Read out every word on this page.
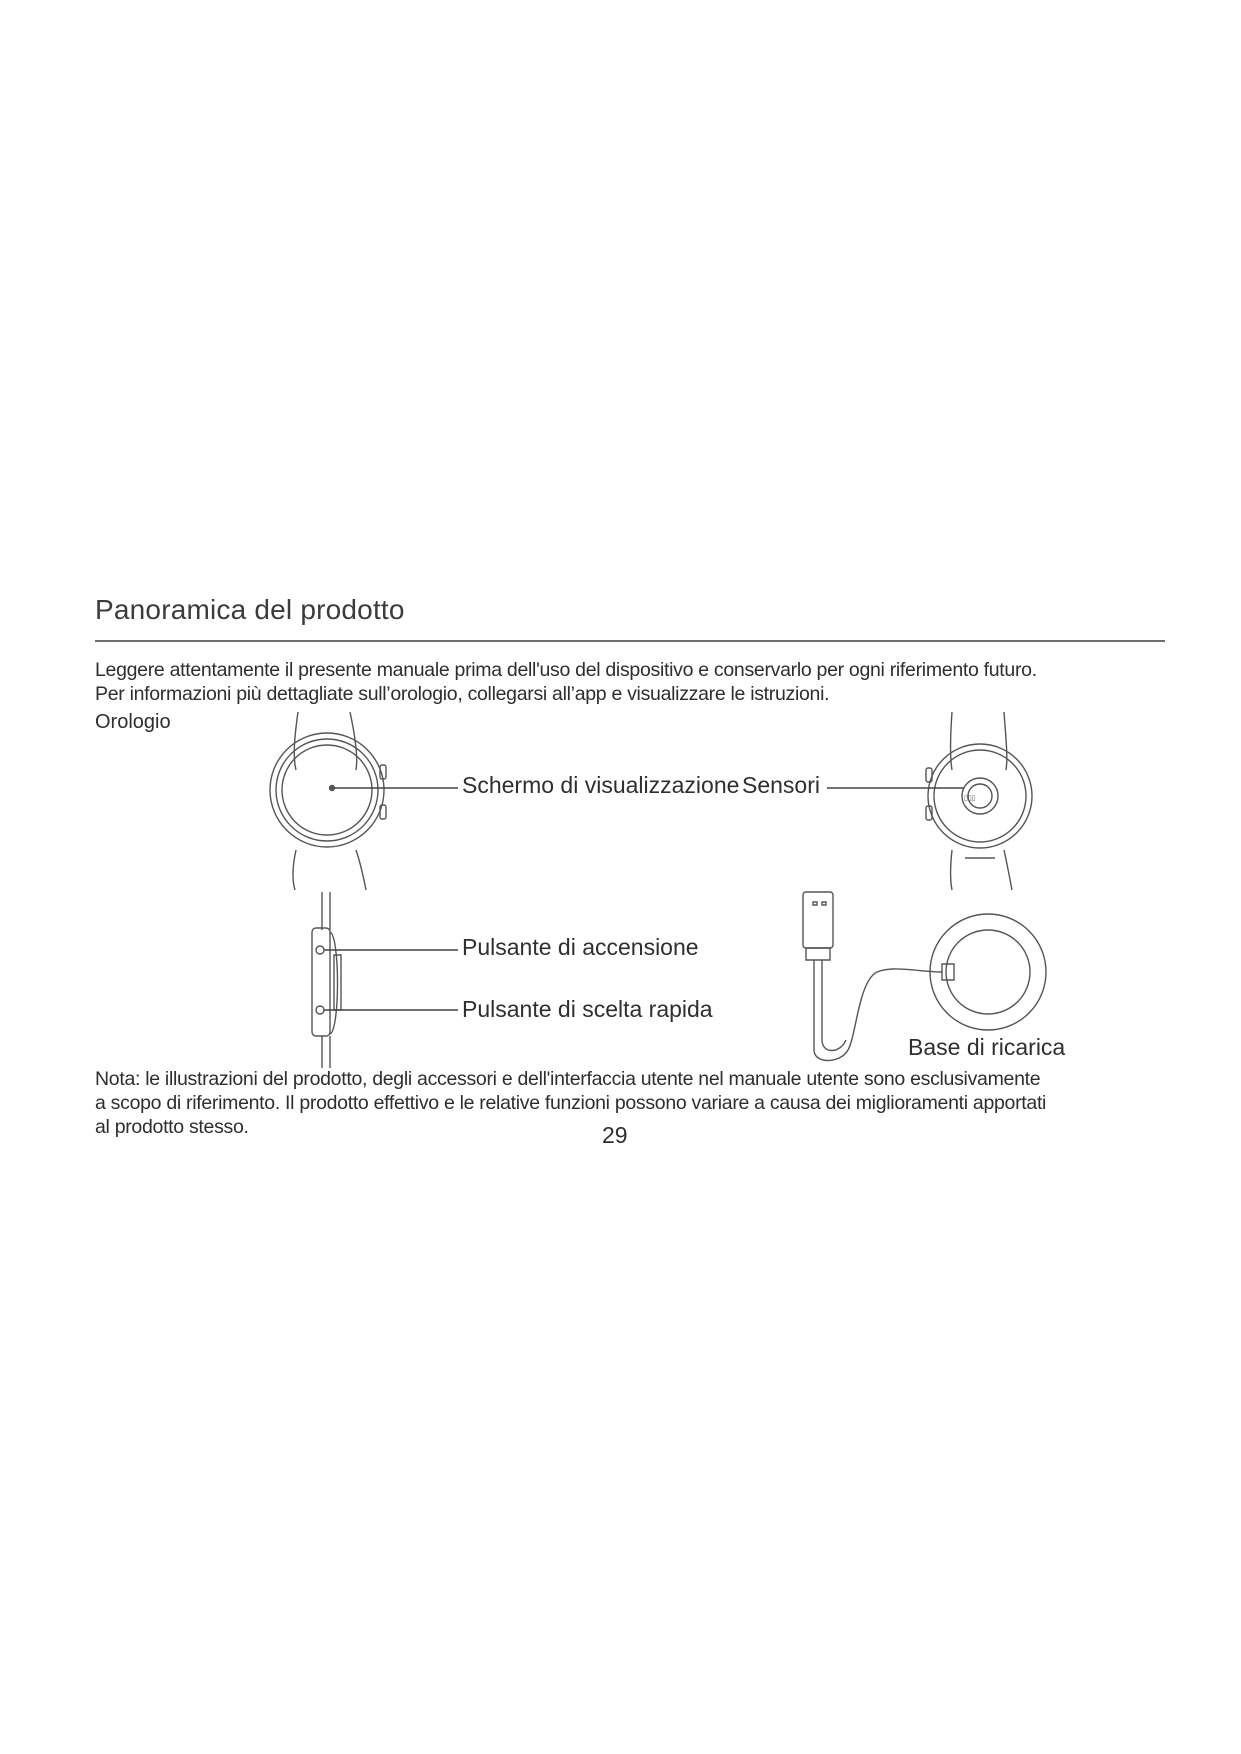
Panoramica del prodotto
Leggere attentamente il presente manuale prima dell'uso del dispositivo e conservarlo per ogni riferimento futuro.
Per informazioni più dettagliate sull’orologio, collegarsi all’app e visualizzare le istruzioni.
Orologio
▯▯▯
Schermo di visualizzazione Sensori
Pulsante di accensione
Pulsante di scelta rapida
Base di ricarica
Nota: le illustrazioni del prodotto, degli accessori e dell'interfaccia utente nel manuale utente sono esclusivamente
a scopo di riferimento. Il prodotto effettivo e le relative funzioni possono variare a causa dei miglioramenti apportati
al prodotto stesso.	29
